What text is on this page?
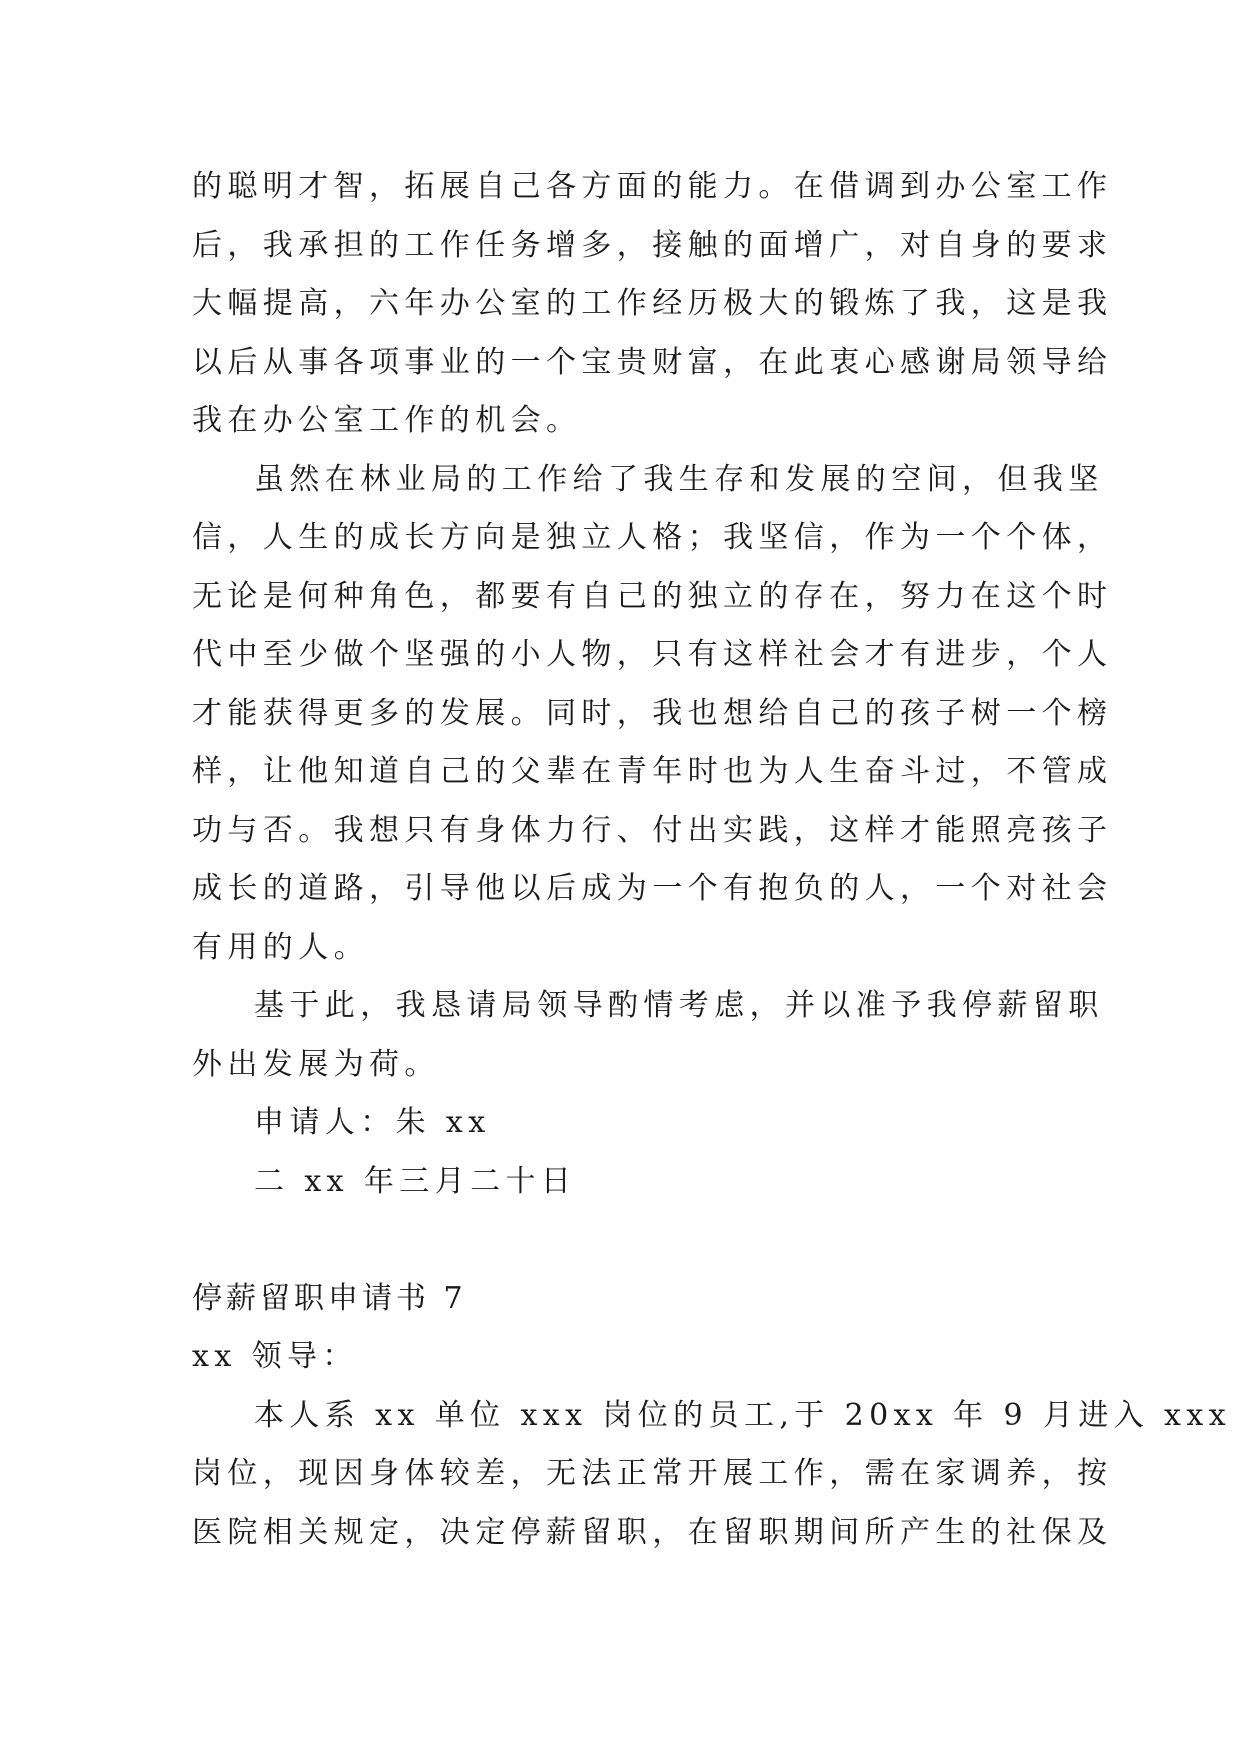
的聪明才智，拓展自己各方面的能力。在借调到办公室工作
后，我承担的工作任务增多，接触的面增广，对自身的要求
大幅提高，六年办公室的工作经历极大的锻炼了我，这是我
以后从事各项事业的一个宝贵财富，在此衷心感谢局领导给
我在办公室工作的机会。
虽然在林业局的工作给了我生存和发展的空间，但我坚
信，人生的成长方向是独立人格；我坚信，作为一个个体，
无论是何种角色，都要有自己的独立的存在，努力在这个时
代中至少做个坚强的小人物，只有这样社会才有进步，个人
才能获得更多的发展。同时，我也想给自己的孩子树一个榜
样，让他知道自己的父辈在青年时也为人生奋斗过，不管成
功与否。我想只有身体力行、付出实践，这样才能照亮孩子
成长的道路，引导他以后成为一个有抱负的人，一个对社会
有用的人。
基于此，我恳请局领导酌情考虑，并以准予我停薪留职
外出发展为荷。
申请人：朱 xx
二 xx 年三月二十日
停薪留职申请书 7
xx 领导：
本人系 xx 单位 xxx 岗位的员工,于 20xx 年 9 月进入 xxx
岗位，现因身体较差，无法正常开展工作，需在家调养，按
医院相关规定，决定停薪留职，在留职期间所产生的社保及
